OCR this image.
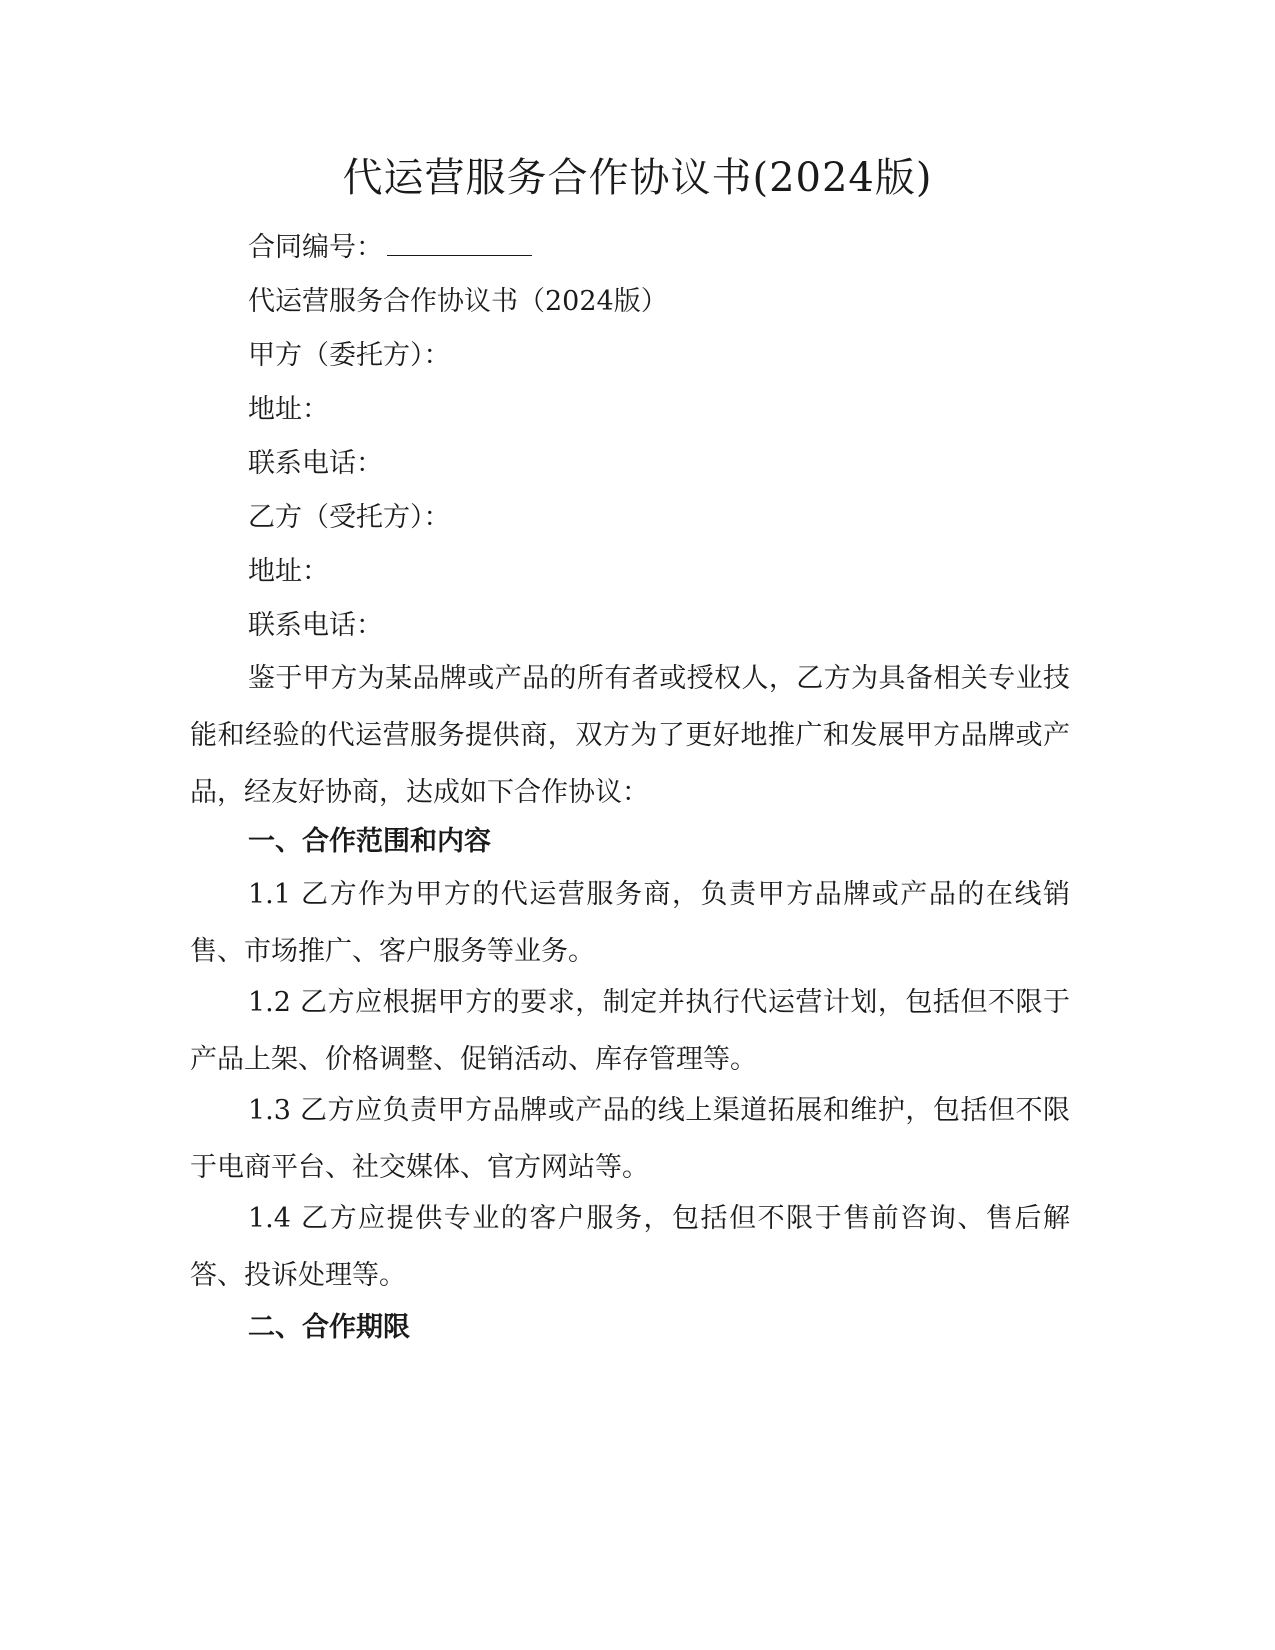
代运营服务合作协议书(2024版)

合同编号：

代运营服务合作协议书（2024版）

甲方（委托方）：

地址：

联系电话：

乙方（受托方）：

地址：

联系电话：

鉴于甲方为某品牌或产品的所有者或授权人，乙方为具备相关专业技能和经验的代运营服务提供商，双方为了更好地推广和发展甲方品牌或产品，经友好协商，达成如下合作协议：

一、合作范围和内容

1.1 乙方作为甲方的代运营服务商，负责甲方品牌或产品的在线销售、市场推广、客户服务等业务。

1.2 乙方应根据甲方的要求，制定并执行代运营计划，包括但不限于产品上架、价格调整、促销活动、库存管理等。

1.3 乙方应负责甲方品牌或产品的线上渠道拓展和维护，包括但不限于电商平台、社交媒体、官方网站等。

1.4 乙方应提供专业的客户服务，包括但不限于售前咨询、售后解答、投诉处理等。

二、合作期限
